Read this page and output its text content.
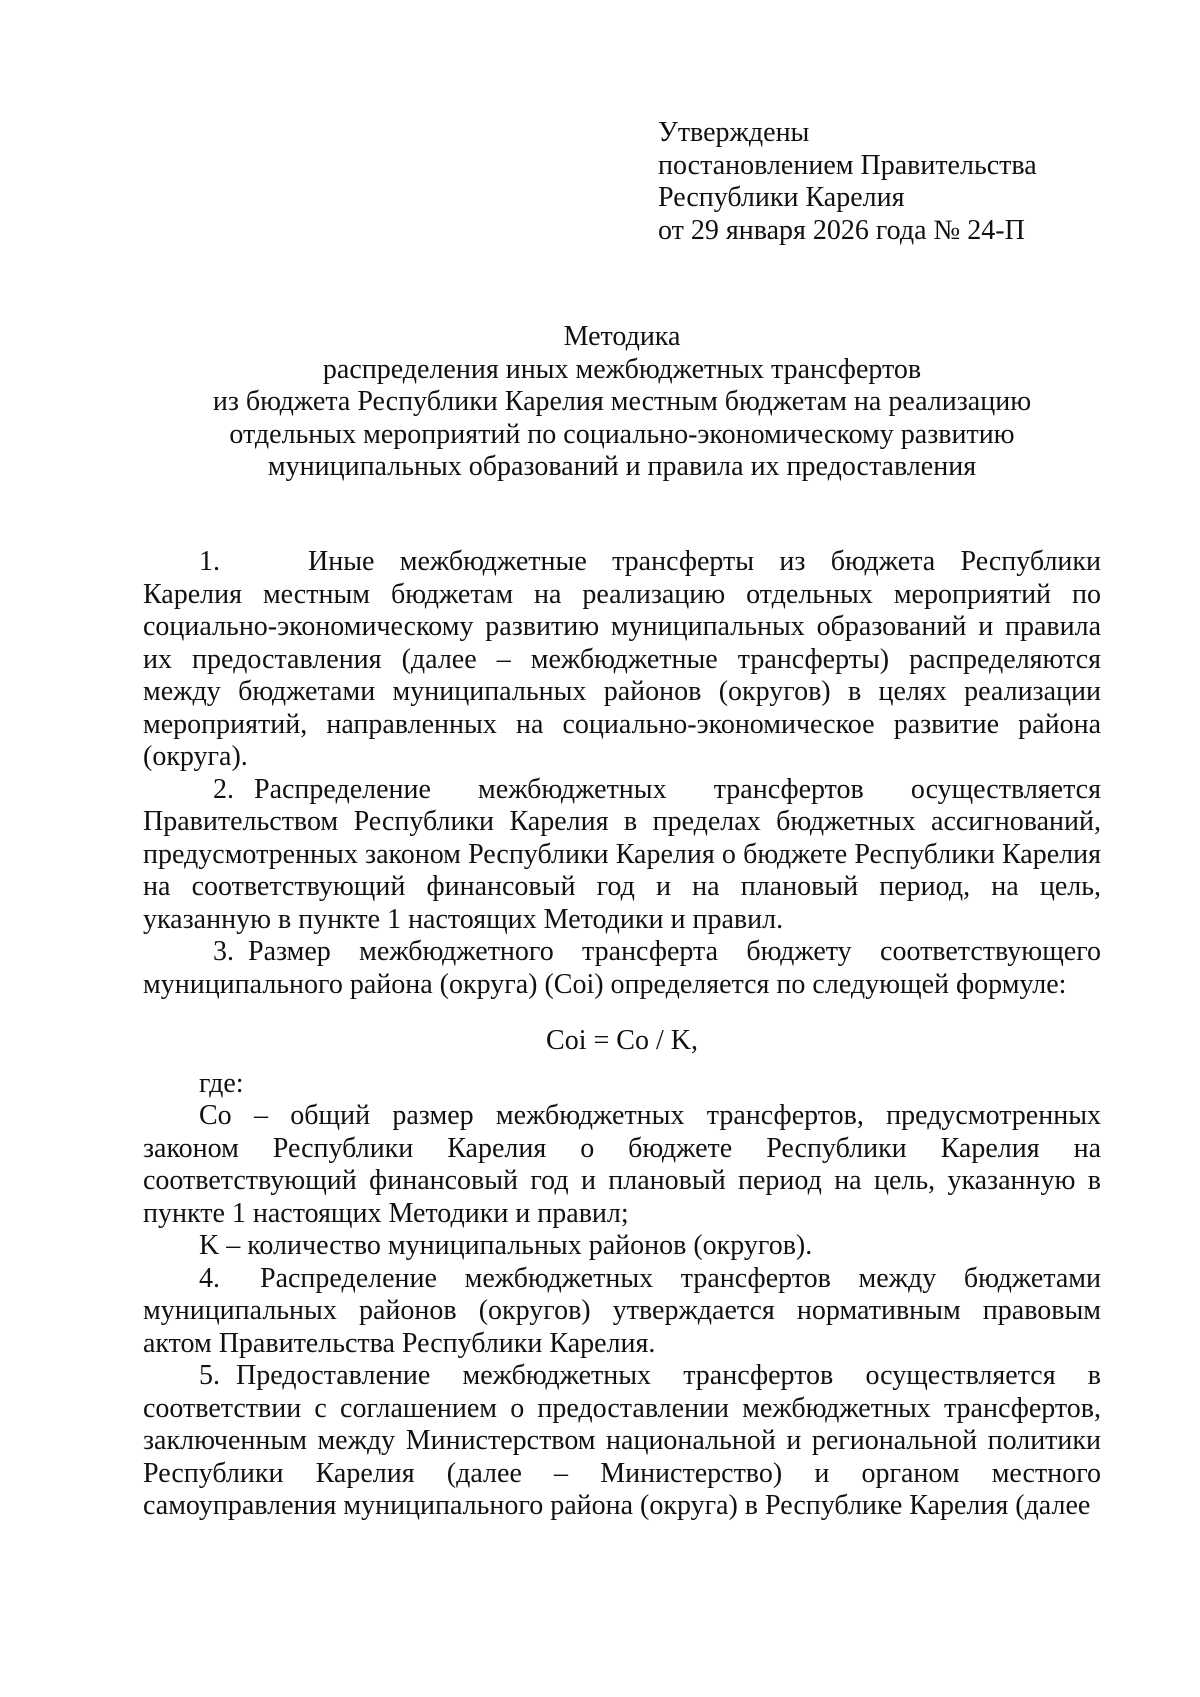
Утверждены
постановлением Правительства
Республики Карелия
от 29 января 2026 года № 24-П
Методика
распределения иных межбюджетных трансфертов
из бюджета Республики Карелия местным бюджетам на реализацию
отдельных мероприятий по социально-экономическому развитию
муниципальных образований и правила их предоставления

1.	Иные межбюджетные трансферты из бюджета Республики Карелия местным бюджетам на реализацию отдельных мероприятий по социально-экономическому развитию муниципальных образований и правила их предоставления (далее – межбюджетные трансферты) распределяются между бюджетами муниципальных районов (округов) в целях реализации мероприятий, направленных на социально-экономическое развитие района (округа).

2. Распределение межбюджетных трансфертов осуществляется Правительством Республики Карелия в пределах бюджетных ассигнований, предусмотренных законом Республики Карелия о бюджете Республики Карелия на соответствующий финансовый год и на плановый период, на цель, указанную в пункте 1 настоящих Методики и правил.

3. Размер межбюджетного трансферта бюджету соответствующего муниципального района (округа) (Coi) определяется по следующей формуле:

Coi = Co / K,

где:

Co – общий размер межбюджетных трансфертов, предусмотренных законом Республики Карелия о бюджете Республики Карелия на соответствующий финансовый год и плановый период на цель, указанную в пункте 1 настоящих Методики и правил;

K – количество муниципальных районов (округов).

4. Распределение межбюджетных трансфертов между бюджетами муниципальных районов (округов) утверждается нормативным правовым актом Правительства Республики Карелия.

5. Предоставление межбюджетных трансфертов осуществляется в соответствии с соглашением о предоставлении межбюджетных трансфертов, заключенным между Министерством национальной и региональной политики Республики Карелия (далее – Министерство) и органом местного самоуправления муниципального района (округа) в Республике Карелия (далее
